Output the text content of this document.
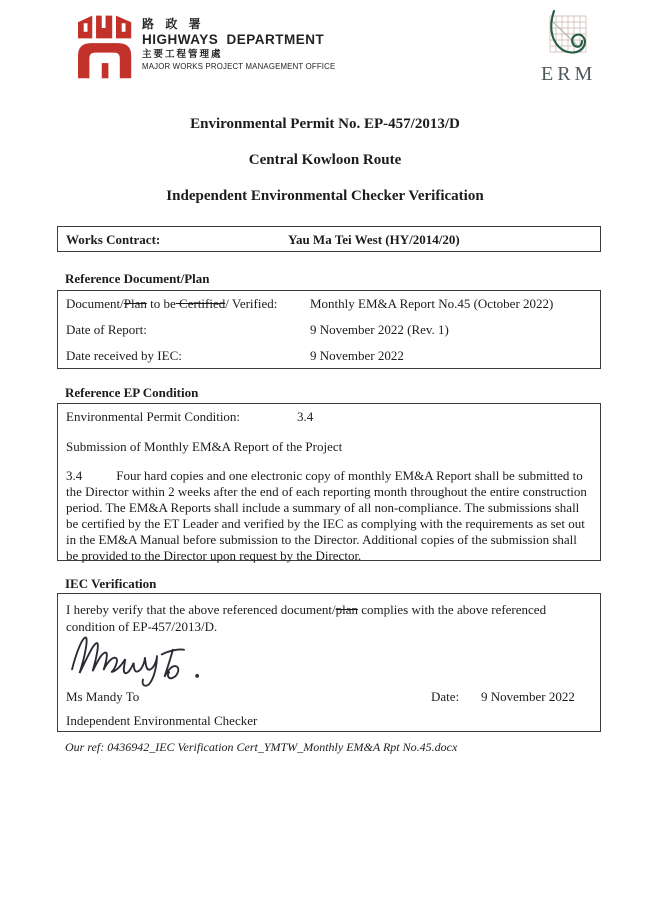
路 政 署
HIGHWAYS DEPARTMENT
主要工程管理處
MAJOR WORKS PROJECT MANAGEMENT OFFICE	ERM
Environmental Permit No. EP-457/2013/D
Central Kowloon Route
Independent Environmental Checker Verification
Works Contract:	Yau Ma Tei West (HY/2014/20)
Reference Document/Plan
Document/Plan to be Certified/ Verified:	Monthly EM&A Report No.45 (October 2022)
Date of Report:	9 November 2022 (Rev. 1)
Date received by IEC:	9 November 2022
Reference EP Condition
Environmental Permit Condition:	3.4
Submission of Monthly EM&A Report of the Project
3.4	Four hard copies and one electronic copy of monthly EM&A Report shall be submitted to the Director within 2 weeks after the end of each reporting month throughout the entire construction period. The EM&A Reports shall include a summary of all non-compliance. The submissions shall be certified by the ET Leader and verified by the IEC as complying with the requirements as set out in the EM&A Manual before submission to the Director. Additional copies of the submission shall be provided to the Director upon request by the Director.
IEC Verification
I hereby verify that the above referenced document/plan complies with the above referenced condition of EP-457/2013/D.
Ms Mandy To	Date: 9 November 2022
Independent Environmental Checker
Our ref: 0436942_IEC Verification Cert_YMTW_Monthly EM&A Rpt No.45.docx
